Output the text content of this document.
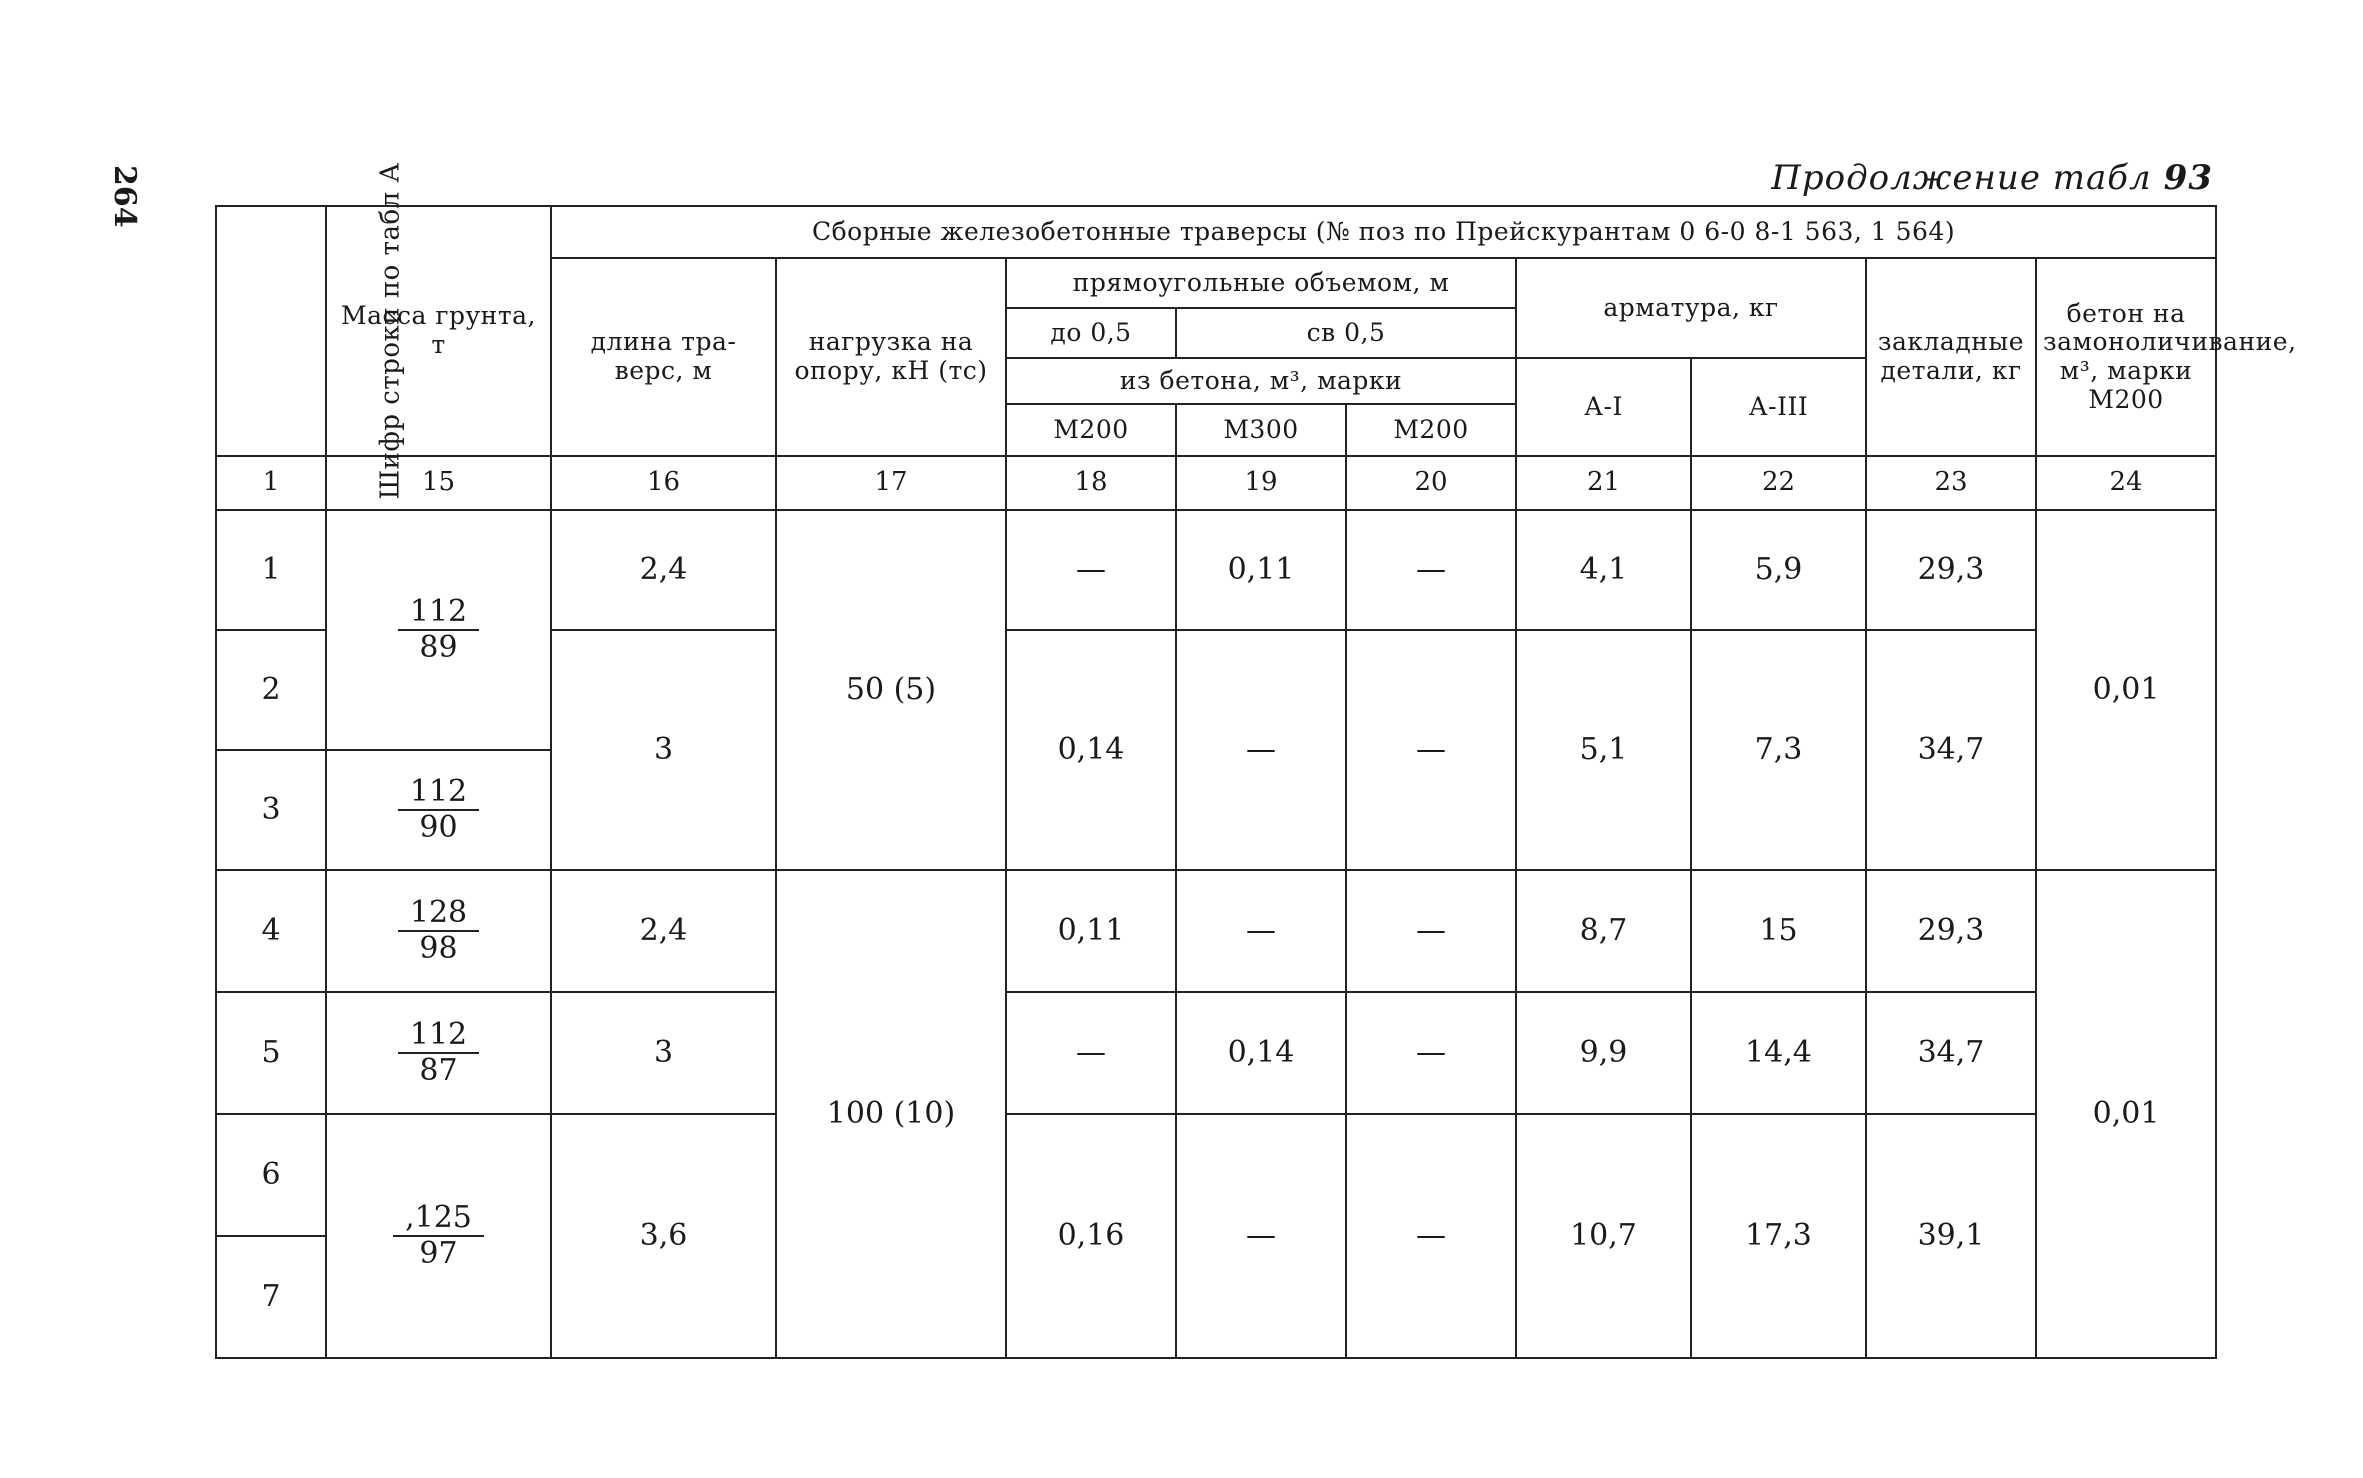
264	Продолжение табл 93
Шифр строки по табл А	Масса грунта, т	Сборные железобетонные траверсы (№ поз по Прейскурантам 0 6-0 8-1 563, 1 564)								
		длина тра-верс, м	нагрузка на опору, кН (тс)	прямоугольные объемом, м			арматура, кг		закладные детали, кг	бетон на замоноличивание, м³, марки М200
				до 0,5	св 0,5					
				из бетона, м³, марки			А-I	А-III		
				М200	М300	М200				
1	15	16	17	18	19	20	21	22	23	24
1	$\frac{112}{89}$	2,4	50 (5)	—	0,11	—	4,1	5,9	29,3	0,01
2		3		0,14	—	—	5,1	7,3	34,7	
3	$\frac{112}{90}$

4	$\frac{128}{98}$	2,4	100 (10)	0,11	—	—	8,7	15	29,3	0,01
5	$\frac{112}{87}$	3		—	0,14	—	9,9	14,4	34,7	
6	$\frac{,125}{97}$	3,6		0,16	—	—	10,7	17,3	39,1	
7										
